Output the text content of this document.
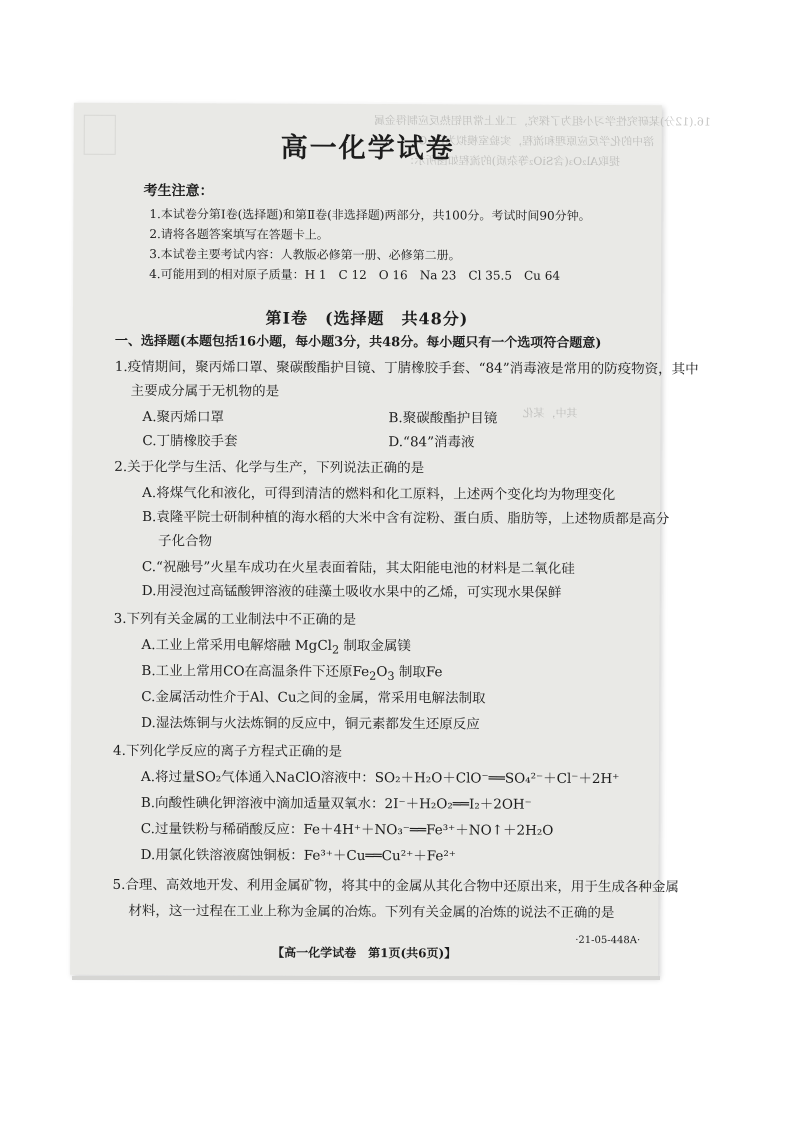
16.(12分)某研究性学习小组为了探究，工业上常用铝热反应制得金属
溶中的化学反应原理和流程，实验室模拟为Fe₂O₃
提取Al₂O₃(含SiO₂等杂质)的流程如图所示：
其中，某化
高一化学试卷
考生注意：
1.本试卷分第Ⅰ卷(选择题)和第Ⅱ卷(非选择题)两部分，共100分。考试时间90分钟。
2.请将各题答案填写在答题卡上。
3.本试卷主要考试内容：人教版必修第一册、必修第二册。
4.可能用到的相对原子质量：H 1　C 12　O 16　Na 23　Cl 35.5　Cu 64
第Ⅰ卷　(选择题　共48分)
一、选择题(本题包括16小题，每小题3分，共48分。每小题只有一个选项符合题意)
1.疫情期间，聚丙烯口罩、聚碳酸酯护目镜、丁腈橡胶手套、“84”消毒液是常用的防疫物资，其中
主要成分属于无机物的是
A.聚丙烯口罩	B.聚碳酸酯护目镜
C.丁腈橡胶手套	D.“84”消毒液
2.关于化学与生活、化学与生产，下列说法正确的是
A.将煤气化和液化，可得到清洁的燃料和化工原料，上述两个变化均为物理变化
B.袁隆平院士研制种植的海水稻的大米中含有淀粉、蛋白质、脂肪等，上述物质都是高分
子化合物
C.“祝融号”火星车成功在火星表面着陆，其太阳能电池的材料是二氧化硅
D.用浸泡过高锰酸钾溶液的硅藻土吸收水果中的乙烯，可实现水果保鲜
3.下列有关金属的工业制法中不正确的是
A.工业上常采用电解熔融 MgCl$_2$ 制取金属镁
B.工业上常用CO在高温条件下还原$Fe_2O_3$ 制取Fe
C.金属活动性介于Al、Cu之间的金属，常采用电解法制取
D.湿法炼铜与火法炼铜的反应中，铜元素都发生还原反应
4.下列化学反应的离子方程式正确的是
A.将过量SO₂气体通入NaClO溶液中：SO₂＋H₂O＋ClO⁻══SO₄²⁻＋Cl⁻＋2H⁺
B.向酸性碘化钾溶液中滴加适量双氧水：2I⁻＋H₂O₂══I₂＋2OH⁻
C.过量铁粉与稀硝酸反应：Fe＋4H⁺＋NO₃⁻══Fe³⁺＋NO↑＋2H₂O
D.用氯化铁溶液腐蚀铜板：Fe³⁺＋Cu══Cu²⁺＋Fe²⁺
5.合理、高效地开发、利用金属矿物，将其中的金属从其化合物中还原出来，用于生成各种金属
材料，这一过程在工业上称为金属的冶炼。下列有关金属的冶炼的说法不正确的是
·21-05-448A·
【高一化学试卷　第1页(共6页)】
